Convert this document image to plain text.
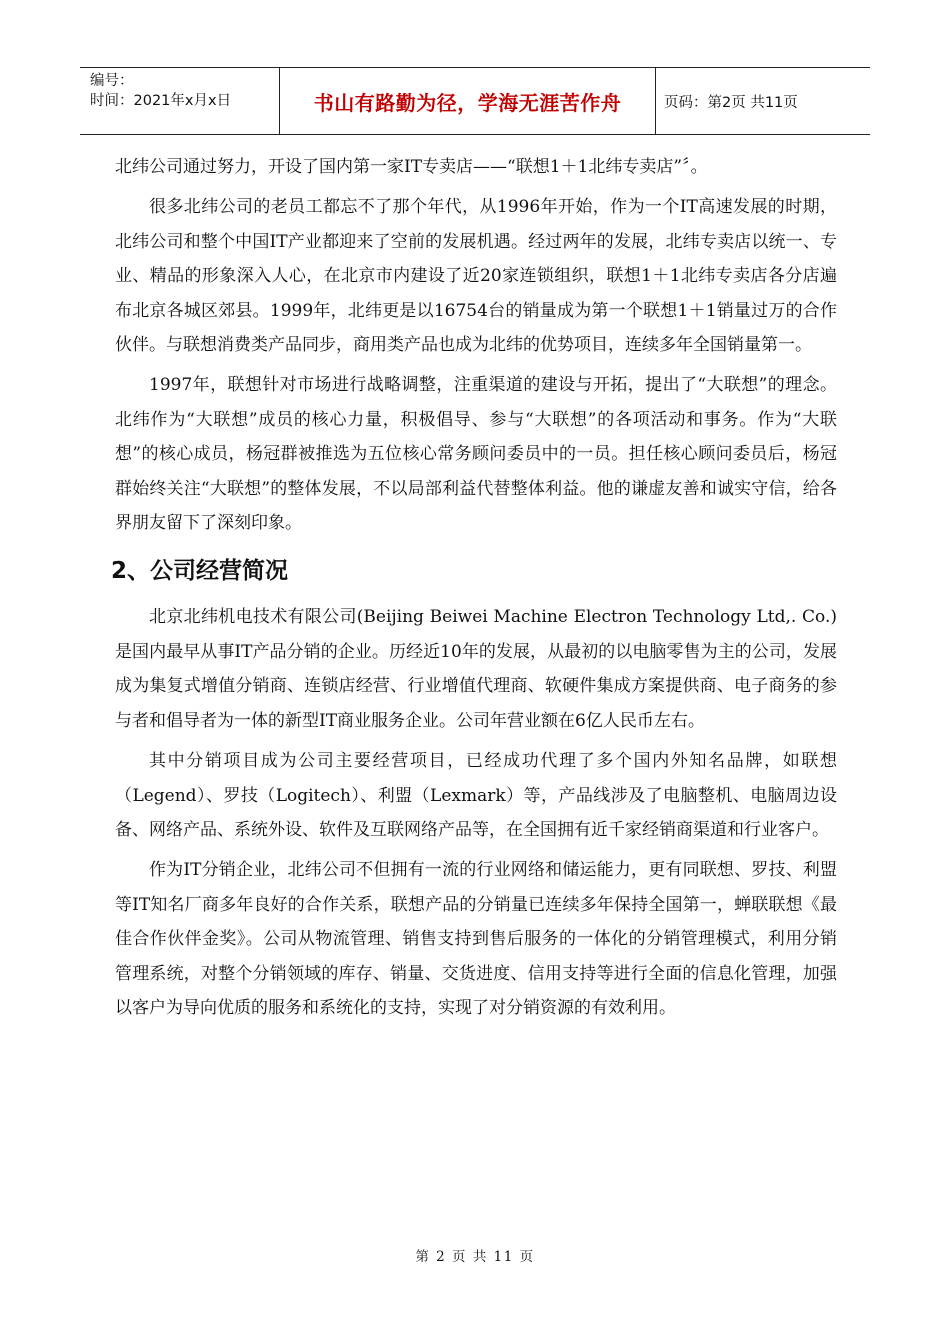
编号：
时间：2021年x月x日	书山有路勤为径，学海无涯苦作舟	页码：第2页 共11页

北纬公司通过努力，开设了国内第一家IT专卖店——“联想1＋1北纬专卖店”〞。

很多北纬公司的老员工都忘不了那个年代，从1996年开始，作为一个IT高速发展的时期，北纬公司和整个中国IT产业都迎来了空前的发展机遇。经过两年的发展，北纬专卖店以统一、专业、精品的形象深入人心，在北京市内建设了近20家连锁组织，联想1＋1北纬专卖店各分店遍布北京各城区郊县。1999年，北纬更是以16754台的销量成为第一个联想1＋1销量过万的合作伙伴。与联想消费类产品同步，商用类产品也成为北纬的优势项目，连续多年全国销量第一。

1997年，联想针对市场进行战略调整，注重渠道的建设与开拓，提出了“大联想”的理念。北纬作为“大联想”成员的核心力量，积极倡导、参与“大联想”的各项活动和事务。作为“大联想”的核心成员，杨冠群被推选为五位核心常务顾问委员中的一员。担任核心顾问委员后，杨冠群始终关注“大联想”的整体发展，不以局部利益代替整体利益。他的谦虚友善和诚实守信，给各界朋友留下了深刻印象。

2、公司经营简况

北京北纬机电技术有限公司(Beijing Beiwei Machine Electron Technology Ltd,. Co.)是国内最早从事IT产品分销的企业。历经近10年的发展，从最初的以电脑零售为主的公司，发展成为集复式增值分销商、连锁店经营、行业增值代理商、软硬件集成方案提供商、电子商务的参与者和倡导者为一体的新型IT商业服务企业。公司年营业额在6亿人民币左右。

其中分销项目成为公司主要经营项目，已经成功代理了多个国内外知名品牌，如联想（Legend）、罗技（Logitech）、利盟（Lexmark）等，产品线涉及了电脑整机、电脑周边设备、网络产品、系统外设、软件及互联网络产品等，在全国拥有近千家经销商渠道和行业客户。

作为IT分销企业，北纬公司不但拥有一流的行业网络和储运能力，更有同联想、罗技、利盟等IT知名厂商多年良好的合作关系，联想产品的分销量已连续多年保持全国第一，蝉联联想《最佳合作伙伴金奖》。公司从物流管理、销售支持到售后服务的一体化的分销管理模式，利用分销管理系统，对整个分销领域的库存、销量、交货进度、信用支持等进行全面的信息化管理，加强以客户为导向优质的服务和系统化的支持，实现了对分销资源的有效利用。

第 2 页 共 11 页
